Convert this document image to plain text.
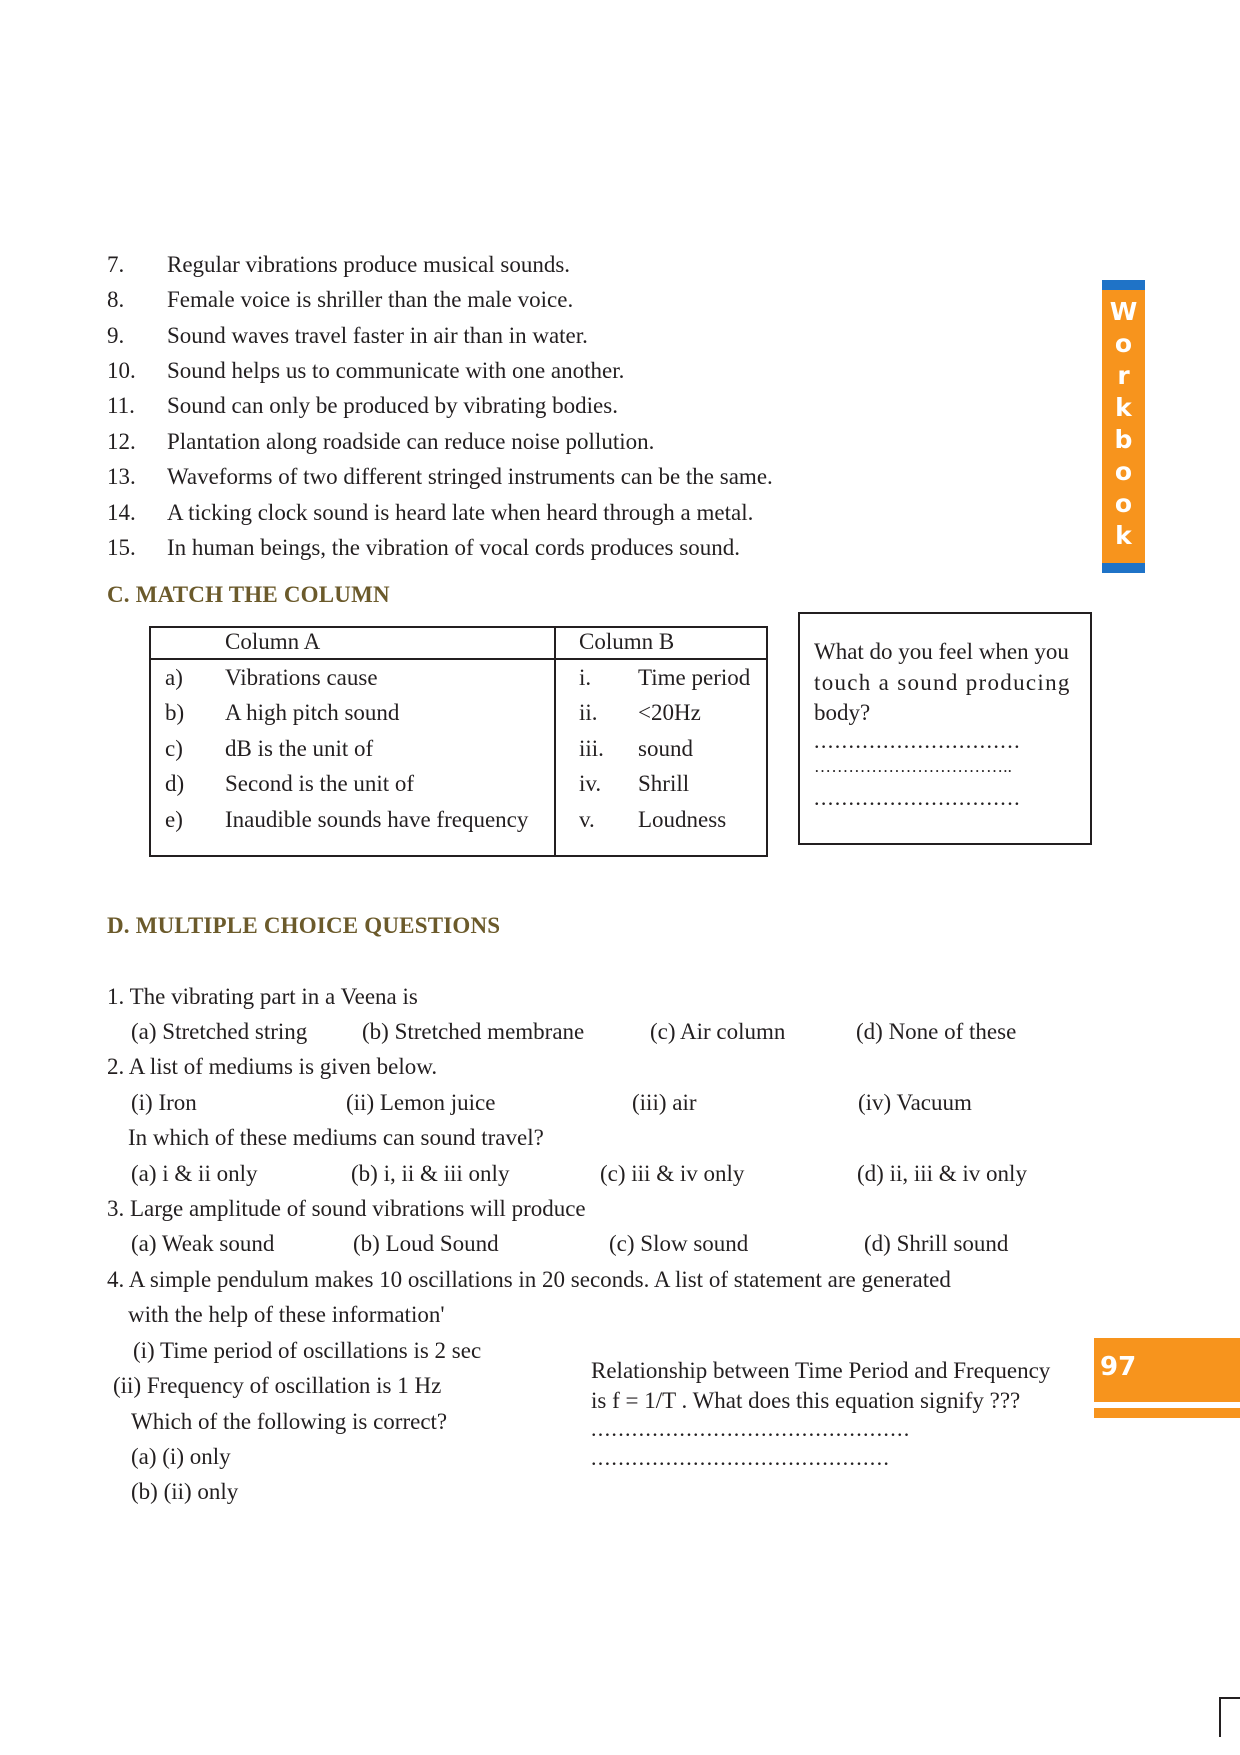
7.	Regular vibrations produce musical sounds.
8.	Female voice is shriller than the male voice.
9.	Sound waves travel faster in air than in water.
10.	Sound helps us to communicate with one another.
11.	Sound can only be produced by vibrating bodies.
12.	Plantation along roadside can reduce noise pollution.
13.	Waveforms of two different stringed instruments can be the same.
14.	A ticking clock sound is heard late when heard through a metal.
15.	In human beings, the vibration of vocal cords produces sound.
W
o
r
k
b
o
o
k
C. MATCH THE COLUMN
Column A	Column B
a) Vibrations cause	i. Time period
b) A high pitch sound	ii. <20Hz
c) dB is the unit of	iii. sound
d) Second is the unit of	iv. Shrill
e) Inaudible sounds have frequency v. Loudness
What do you feel when you
touch a sound producing
body?
..............................
……………………………..
..............................
D. MULTIPLE CHOICE QUESTIONS
1. The vibrating part in a Veena is
(a) Stretched string (b) Stretched membrane	(c) Air column	(d) None of these
2. A list of mediums is given below.
(i) Iron	(ii) Lemon juice	(iii) air	(iv) Vacuum
In which of these mediums can sound travel?
(a) i & ii only	(b) i, ii & iii only	(c) iii & iv only	(d) ii, iii & iv only
3. Large amplitude of sound vibrations will produce
(a) Weak sound	(b) Loud Sound	(c) Slow sound	(d) Shrill sound
4. A simple pendulum makes 10 oscillations in 20 seconds. A list of statement are generated
with the help of these information'
(i) Time period of oscillations is 2 sec
(ii) Frequency of oscillation is 1 Hz
Which of the following is correct?
(a) (i) only
(b) (ii) only
Relationship between Time Period and Frequency
is f = 1/T . What does this equation signify ???
...............................................
............................................
97
